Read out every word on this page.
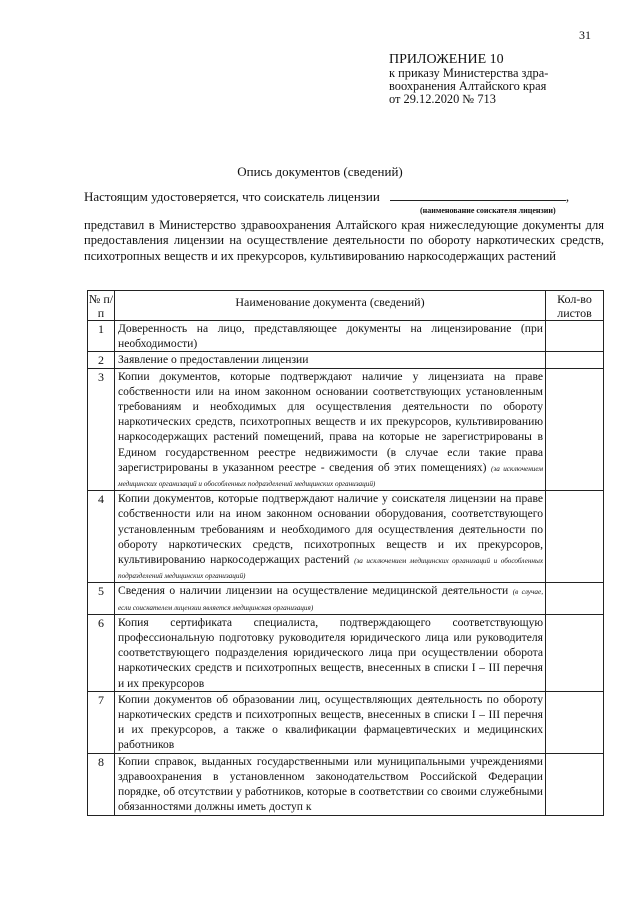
31
ПРИЛОЖЕНИЕ 10
к приказу Министерства здра-
воохранения Алтайского края
от 29.12.2020 № 713
Опись документов (сведений)
Настоящим удостоверяется, что соискатель лицензии	,
(наименование соискателя лицензии)
представил в Министерство здравоохранения Алтайского края нижеследующие документы для предоставления лицензии на осуществление деятельности по обороту наркотических средств, психотропных веществ и их прекурсоров, культивированию наркосодержащих растений
№ п/п	Наименование документа (сведений)	Кол-во листов
1	Доверенность на лицо, представляющее документы на лицензирование (при необходимости)	
2	Заявление о предоставлении лицензии	
3	Копии документов, которые подтверждают наличие у лицензиата на праве собственности или на ином законном основании соответствующих установленным требованиям и необходимых для осуществления деятельности по обороту наркотических средств, психотропных веществ и их прекурсоров, культивированию наркосодержащих растений помещений, права на которые не зарегистрированы в Едином государственном реестре недвижимости (в случае если такие права зарегистрированы в указанном реестре - сведения об этих помещениях) (за исключением медицинских организаций и обособленных подразделений медицинских организаций)	
4	Копии документов, которые подтверждают наличие у соискателя лицензии на праве собственности или на ином законном основании оборудования, соответствующего установленным требованиям и необходимого для осуществления деятельности по обороту наркотических средств, психотропных веществ и их прекурсоров, культивированию наркосодержащих растений (за исключением медицинских организаций и обособленных подразделений медицинских организаций)	
5	Сведения о наличии лицензии на осуществление медицинской деятельности (в случае, если соискателем лицензии является медицинская организация)	
6	Копия сертификата специалиста, подтверждающего соответствующую профессиональную подготовку руководителя юридического лица или руководителя соответствующего подразделения юридического лица при осуществлении оборота наркотических средств и психотропных веществ, внесенных в списки I – III перечня и их прекурсоров	
7	Копии документов об образовании лиц, осуществляющих деятельность по обороту наркотических средств и психотропных веществ, внесенных в списки I – III перечня и их прекурсоров, а также о квалификации фармацевтических и медицинских работников	
8	Копии справок, выданных государственными или муниципальными учреждениями здравоохранения в установленном законодательством Российской Федерации порядке, об отсутствии у работников, которые в соответствии со своими служебными обязанностями должны иметь доступ к	
